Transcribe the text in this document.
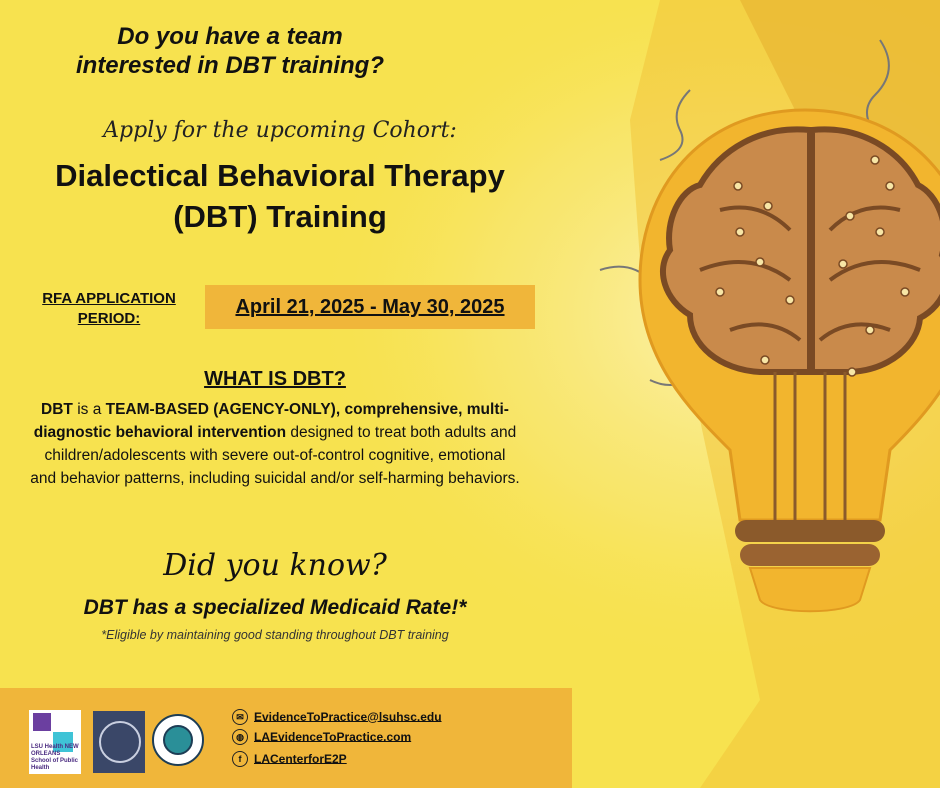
Do you have a team
interested in DBT training?
Apply for the upcoming Cohort:
Dialectical Behavioral Therapy
(DBT) Training
RFA APPLICATION
PERIOD:
April 21, 2025 - May 30, 2025
WHAT IS DBT?
DBT is a TEAM-BASED (AGENCY-ONLY), comprehensive, multi-diagnostic behavioral intervention designed to treat both adults and children/adolescents with severe out-of-control cognitive, emotional and behavior patterns, including suicidal and/or self-harming behaviors.
Did you know?
DBT has a specialized Medicaid Rate!*
*Eligible by maintaining good standing throughout DBT training
LSU Health NEW ORLEANS School of Public Health
✉ EvidenceToPractice@lsuhsc.edu
◍ LAEvidenceToPractice.com
f LACenterforE2P
